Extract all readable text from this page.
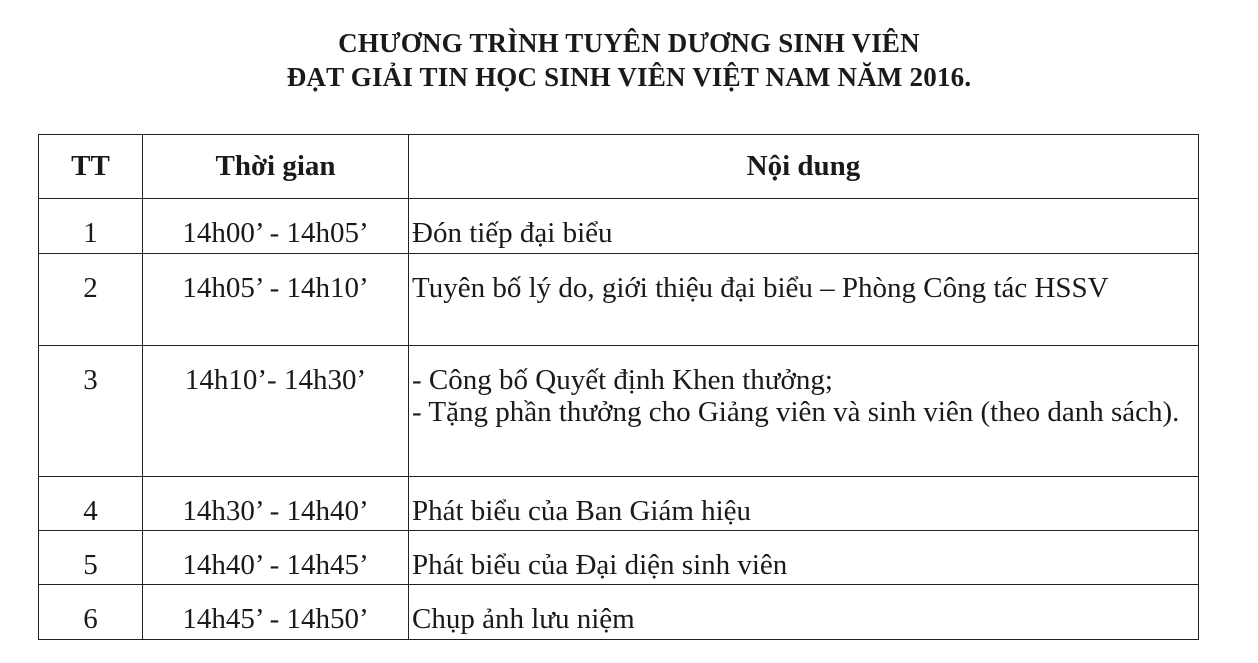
CHƯƠNG TRÌNH TUYÊN DƯƠNG SINH VIÊN
ĐẠT GIẢI TIN HỌC SINH VIÊN VIỆT NAM NĂM 2016.
TT	Thời gian	Nội dung
1	14h00’ - 14h05’	Đón tiếp đại biểu

2	14h05’ - 14h10’	Tuyên bố lý do, giới thiệu đại biểu – Phòng Công tác HSSV

3	14h10’- 14h30’	- Công bố Quyết định Khen thưởng;
- Tặng phần thưởng cho Giảng viên và sinh viên (theo danh sách).

4	14h30’ - 14h40’	Phát biểu của Ban Giám hiệu

5	14h40’ - 14h45’	Phát biểu của Đại diện sinh viên

6	14h45’ - 14h50’	Chụp ảnh lưu niệm
